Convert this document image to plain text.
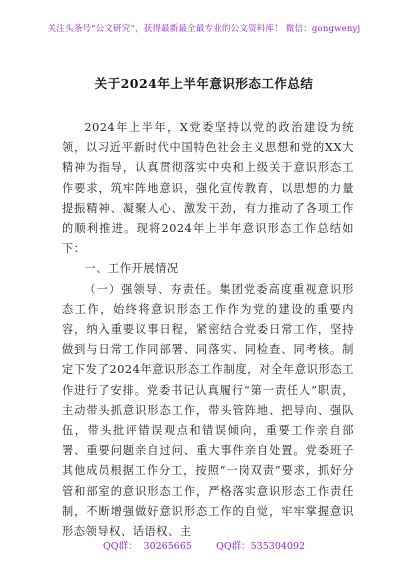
关注头条号“公文研究”，获得最新最全最专业的公文资料库！ 微信：gongwenyj
关于2024年上半年意识形态工作总结

2024年上半年，X党委坚持以党的政治建设为统领，以习近平新时代中国特色社会主义思想和党的XX大精神为指导，认真贯彻落实中央和上级关于意识形态工作要求，筑牢阵地意识，强化宣传教育，以思想的力量提振精神、凝聚人心、激发干劲，有力推动了各项工作的顺利推进。现将2024年上半年意识形态工作总结如下：

一、工作开展情况

（一）强领导、夯责任。集团党委高度重视意识形态工作，始终将意识形态工作作为党的建设的重要内容，纳入重要议事日程，紧密结合党委日常工作，坚持做到与日常工作同部署、同落实、同检查、同考核。制定下发了2024年意识形态工作制度，对全年意识形态工作进行了安排。党委书记认真履行“第一责任人”职责，主动带头抓意识形态工作，带头管阵地、把导向、强队伍，带头批评错误观点和错误倾向，重要工作亲自部署、重要问题亲自过问、重大事件亲自处置。党委班子其他成员根据工作分工，按照“一岗双责”要求，抓好分管和部室的意识形态工作，严格落实意识形态工作责任制，不断增强做好意识形态工作的自觉，牢牢掌握意识形态领导权、话语权、主

QQ群：  30265665        QQ群：535304092
